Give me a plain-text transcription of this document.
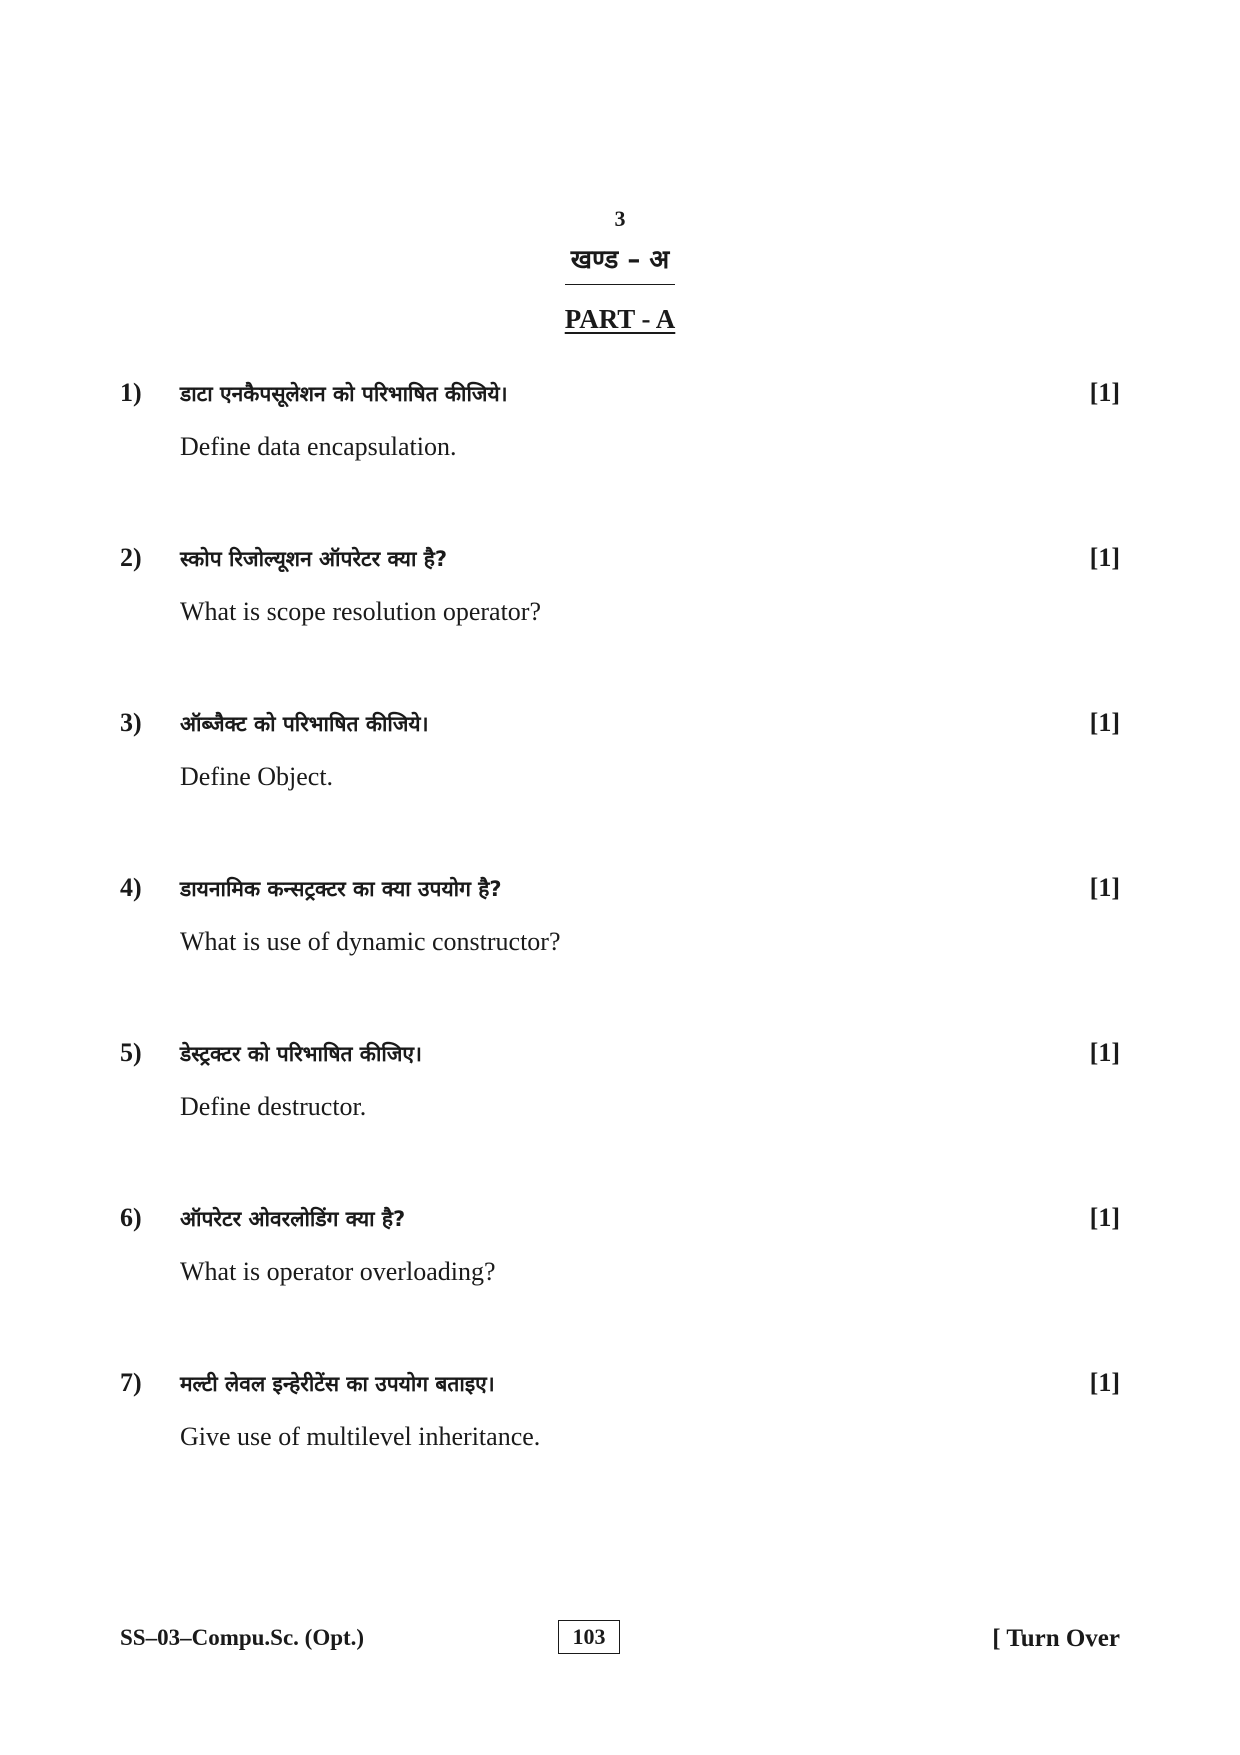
3
खण्ड – अ
PART - A
1) डाटा एनकैपसूलेशन को परिभाषित कीजिये।	[1]
Define data encapsulation.
2) स्कोप रिजोल्यूशन ऑपरेटर क्या है?	[1]
What is scope resolution operator?
3) ऑब्जैक्ट को परिभाषित कीजिये।	[1]
Define Object.
4) डायनामिक कन्सट्रक्टर का क्या उपयोग है?	[1]
What is use of dynamic constructor?
5) डेस्ट्रक्टर को परिभाषित कीजिए।	[1]
Define destructor.
6) ऑपरेटर ओवरलोडिंग क्या है?	[1]
What is operator overloading?
7) मल्टी लेवल इन्हेरीटेंस का उपयोग बताइए।	[1]
Give use of multilevel inheritance.
SS–03–Compu.Sc. (Opt.)	103	[ Turn Over
